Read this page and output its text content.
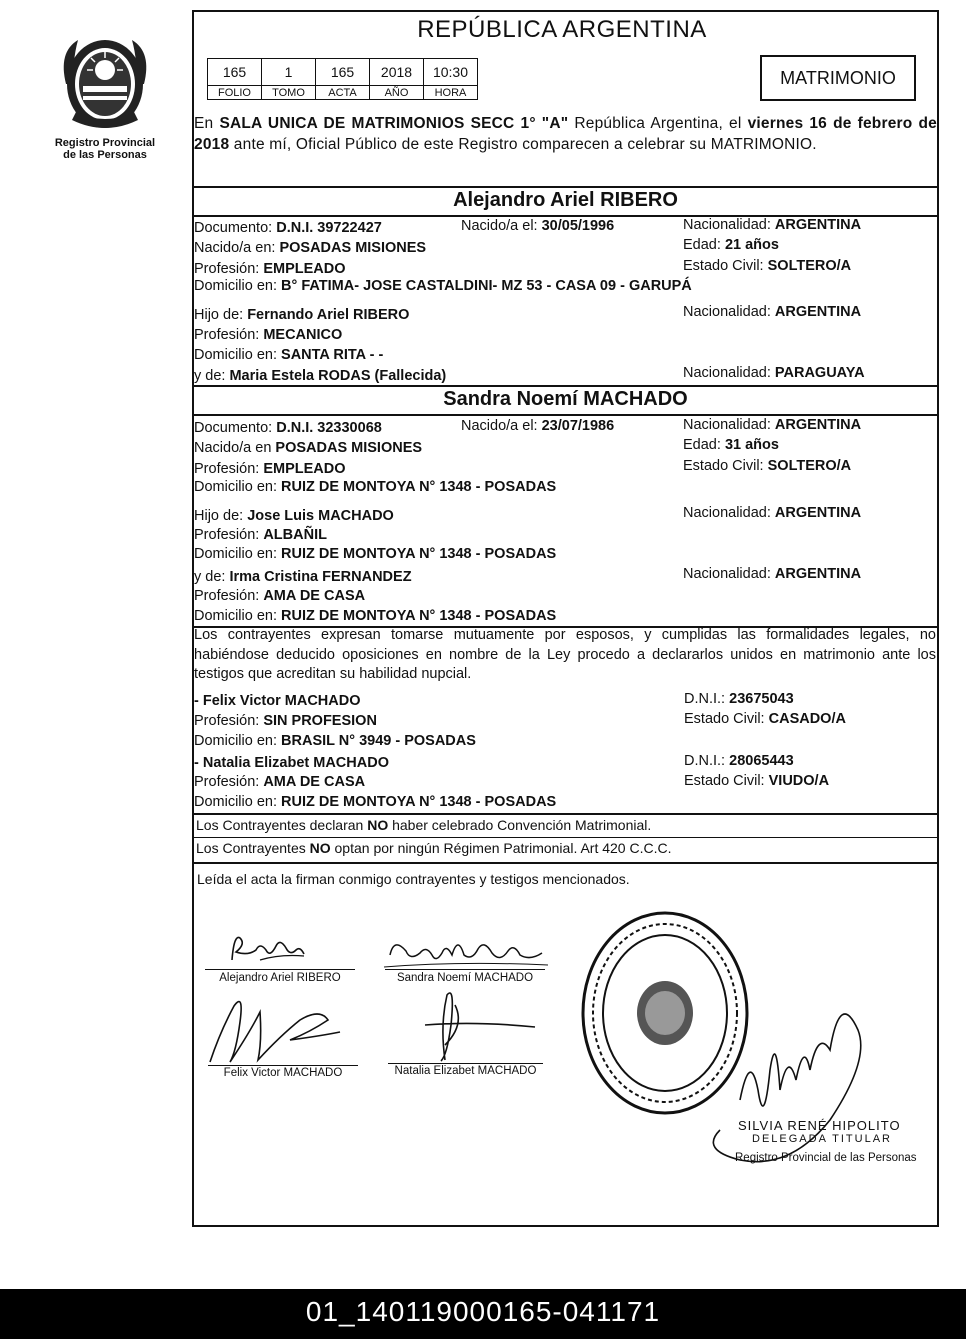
Registro Provincial
de las Personas
REPÚBLICA ARGENTINA
165	1	165	2018	10:30
FOLIO	TOMO	ACTA	AÑO	HORA
MATRIMONIO
En SALA UNICA DE MATRIMONIOS SECC 1° "A" República Argentina, el viernes 16 de febrero de 2018 ante mí, Oficial Público de este Registro comparecen a celebrar su MATRIMONIO.
Alejandro Ariel RIBERO
Documento: D.N.I. 39722427	Nacido/a el: 30/05/1996	Nacionalidad: ARGENTINA
Nacido/a en: POSADAS MISIONES	Edad: 21 años
Profesión: EMPLEADO	Estado Civil: SOLTERO/A
Domicilio en: B° FATIMA- JOSE CASTALDINI- MZ 53 - CASA 09 - GARUPÁ
Hijo de: Fernando Ariel RIBERO	Nacionalidad: ARGENTINA
Profesión: MECANICO
Domicilio en: SANTA RITA - -
y de: Maria Estela RODAS (Fallecida)	Nacionalidad: PARAGUAYA
Sandra Noemí MACHADO
Documento: D.N.I. 32330068	Nacido/a el: 23/07/1986	Nacionalidad: ARGENTINA
Nacido/a en POSADAS MISIONES	Edad: 31 años
Profesión: EMPLEADO	Estado Civil: SOLTERO/A
Domicilio en: RUIZ DE MONTOYA N° 1348 - POSADAS
Hijo de: Jose Luis MACHADO	Nacionalidad: ARGENTINA
Profesión: ALBAÑIL
Domicilio en: RUIZ DE MONTOYA N° 1348 - POSADAS
y de: Irma Cristina FERNANDEZ	Nacionalidad: ARGENTINA
Profesión: AMA DE CASA
Domicilio en: RUIZ DE MONTOYA N° 1348 - POSADAS
Los contrayentes expresan tomarse mutuamente por esposos, y cumplidas las formalidades legales, no habiéndose deducido oposiciones en nombre de la Ley procedo a declararlos unidos en matrimonio ante los testigos que acreditan su habilidad nupcial.
- Felix Victor MACHADO	D.N.I.: 23675043
Profesión: SIN PROFESION	Estado Civil: CASADO/A
Domicilio en: BRASIL N° 3949 - POSADAS
- Natalia Elizabet MACHADO	D.N.I.: 28065443
Profesión: AMA DE CASA	Estado Civil: VIUDO/A
Domicilio en: RUIZ DE MONTOYA N° 1348 - POSADAS
Los Contrayentes declaran NO haber celebrado Convención Matrimonial.
Los Contrayentes NO optan por ningún Régimen Patrimonial. Art 420 C.C.C.
Leída el acta la firman conmigo contrayentes y testigos mencionados.
Alejandro Ariel RIBERO	Sandra Noemí MACHADO
Felix Victor MACHADO	Natalia Elizabet MACHADO
SILVIA RENÉ HIPOLITO
DELEGADA TITULAR
Registro Provincial de las Personas
01_140119000165-041171
